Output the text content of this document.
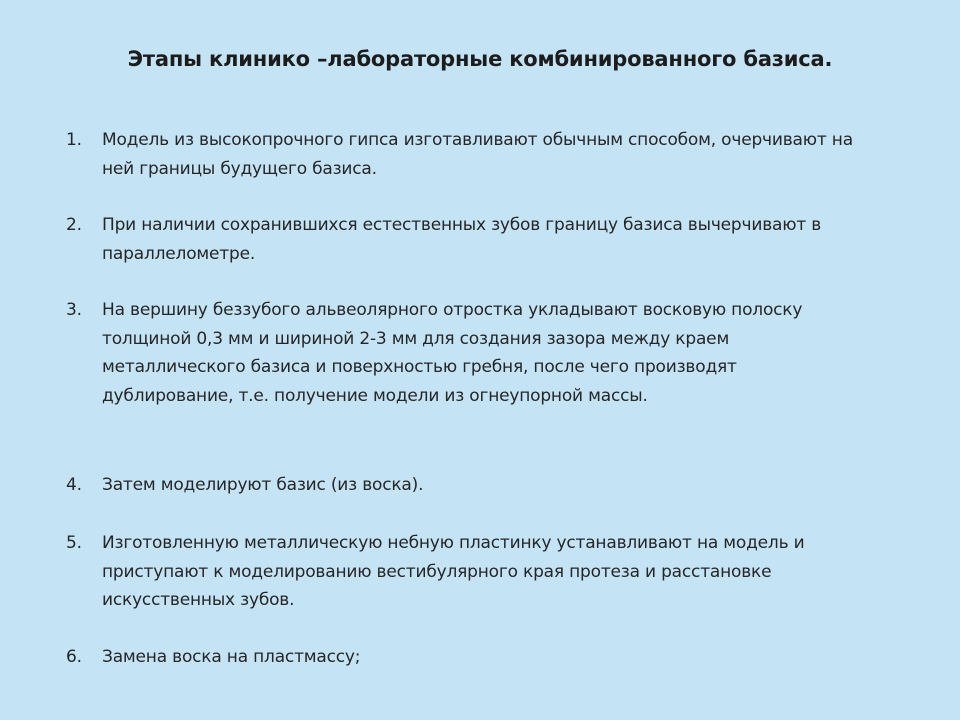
Этапы клинико –лабораторные комбинированного базиса.
1.	Модель из высокопрочного гипса изготавливают обычным способом, очерчивают на ней границы будущего базиса.
2.	При наличии сохранившихся естественных зубов границу базиса вычерчивают в параллелометре.
3.	На вершину беззубого альвеолярного отростка укладывают восковую полоску толщиной 0,3 мм и шириной 2-3 мм для создания зазора между краем металлического базиса и поверхностью гребня, после чего производят дублирование, т.е. получение модели из огнеупорной массы.
4.	Затем моделируют базис (из воска).
5.	Изготовленную металлическую небную пластинку устанавливают на модель и приступают к моделированию вестибулярного края протеза и расстановке искусственных зубов.
6.	Замена воска на пластмассу;
